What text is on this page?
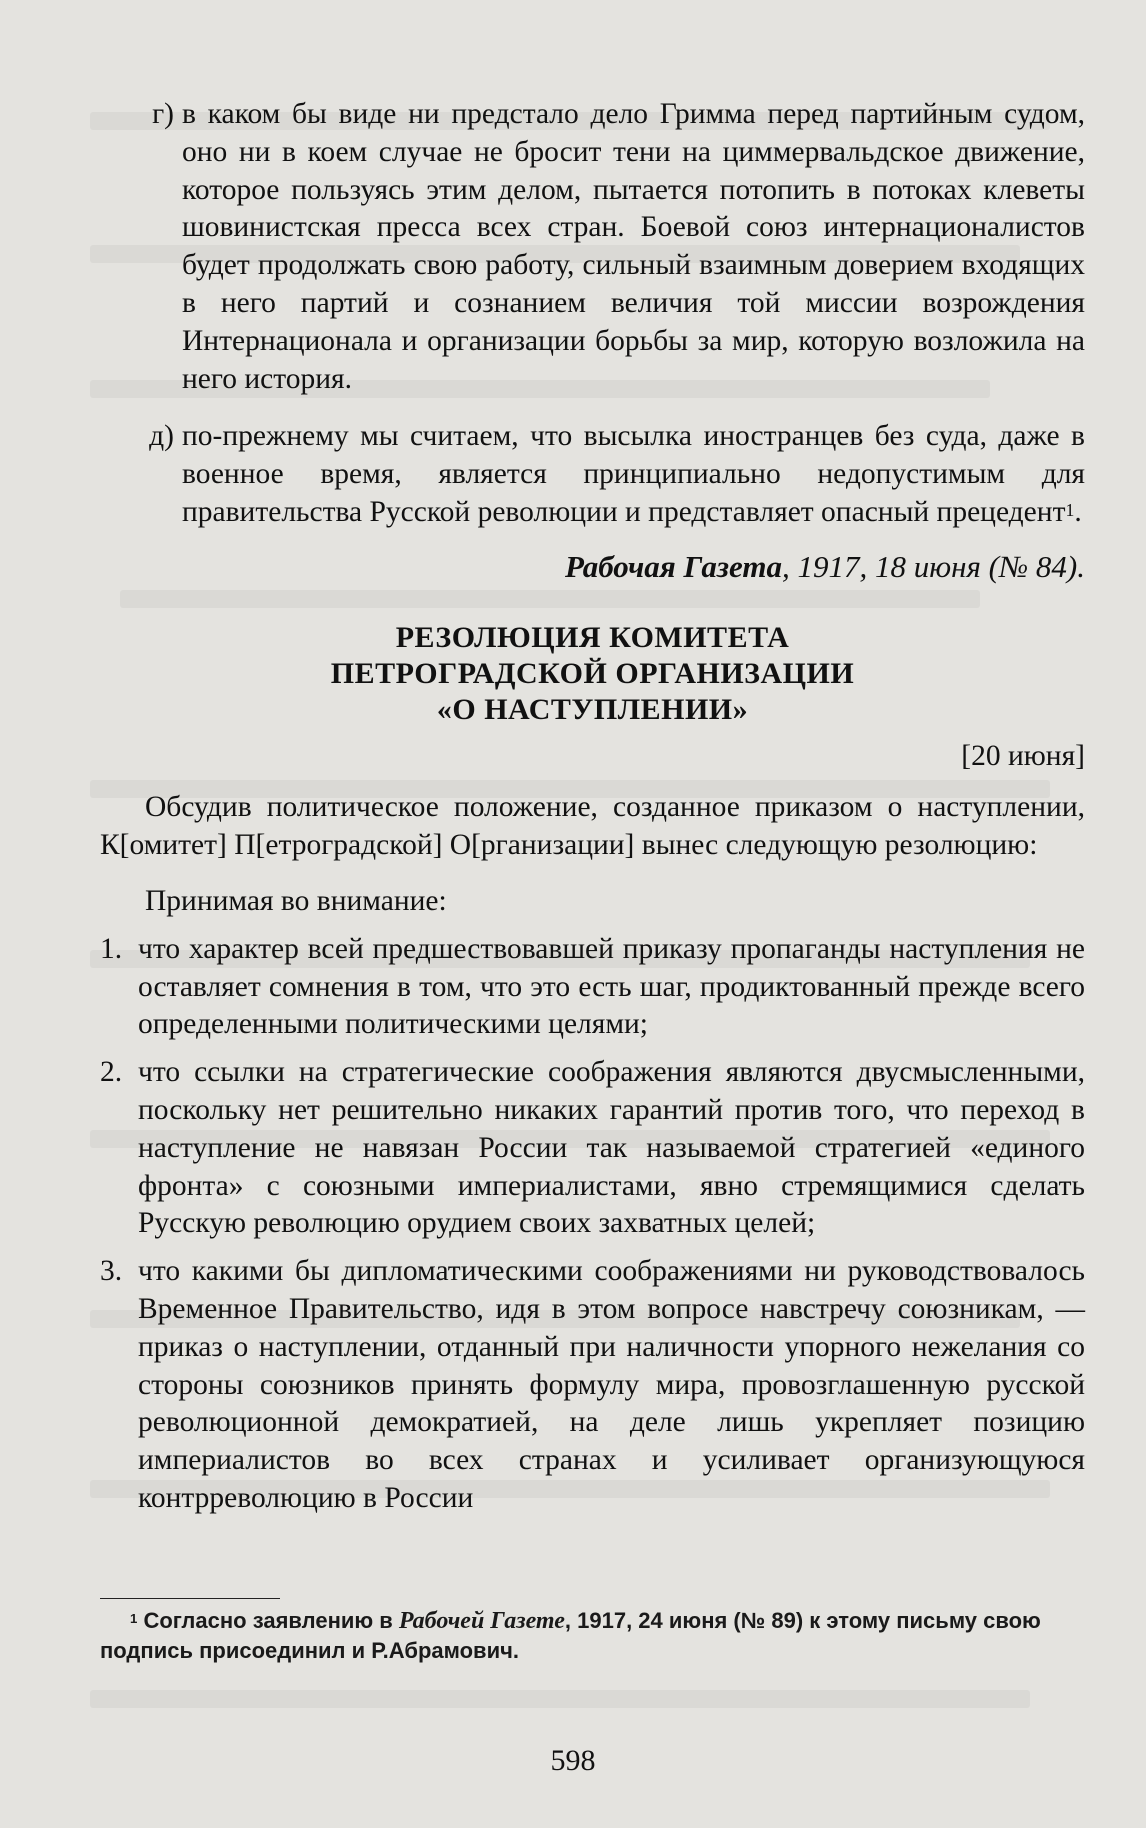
г) в каком бы виде ни предстало дело Гримма перед партийным судом, оно ни в коем случае не бросит тени на циммервальдское движение, которое пользуясь этим делом, пытается потопить в потоках клеветы шовинистская пресса всех стран. Боевой союз интернационалистов будет продолжать свою работу, сильный взаимным доверием входящих в него партий и сознанием величия той миссии возрождения Интернационала и организации борьбы за мир, которую возложила на него история.
д) по-прежнему мы считаем, что высылка иностранцев без суда, даже в военное время, является принципиально недопустимым для правительства Русской революции и представляет опасный прецедент$^1$.
Рабочая Газета, 1917, 18 июня (№ 84).
РЕЗОЛЮЦИЯ КОМИТЕТА
ПЕТРОГРАДСКОЙ ОРГАНИЗАЦИИ
«О НАСТУПЛЕНИИ»
[20 июня]
Обсудив политическое положение, созданное приказом о наступлении, К[омитет] П[етроградской] О[рганизации] вынес следующую резолюцию:
Принимая во внимание:
1. что характер всей предшествовавшей приказу пропаганды наступления не оставляет сомнения в том, что это есть шаг, продиктованный прежде всего определенными политическими целями;
2. что ссылки на стратегические соображения являются двусмысленными, поскольку нет решительно никаких гарантий против того, что переход в наступление не навязан России так называемой стратегией «единого фронта» с союзными империалистами, явно стремящимися сделать Русскую революцию орудием своих захватных целей;
3. что какими бы дипломатическими соображениями ни руководствовалось Временное Правительство, идя в этом вопросе навстречу союзникам, — приказ о наступлении, отданный при наличности упорного нежелания со стороны союзников принять формулу мира, провозглашенную русской революционной демократией, на деле лишь укрепляет позицию империалистов во всех странах и усиливает организующуюся контрреволюцию в России
$^1$ Согласно заявлению в Рабочей Газете, 1917, 24 июня (№ 89) к этому письму свою подпись присоединил и Р.Абрамович.
598
